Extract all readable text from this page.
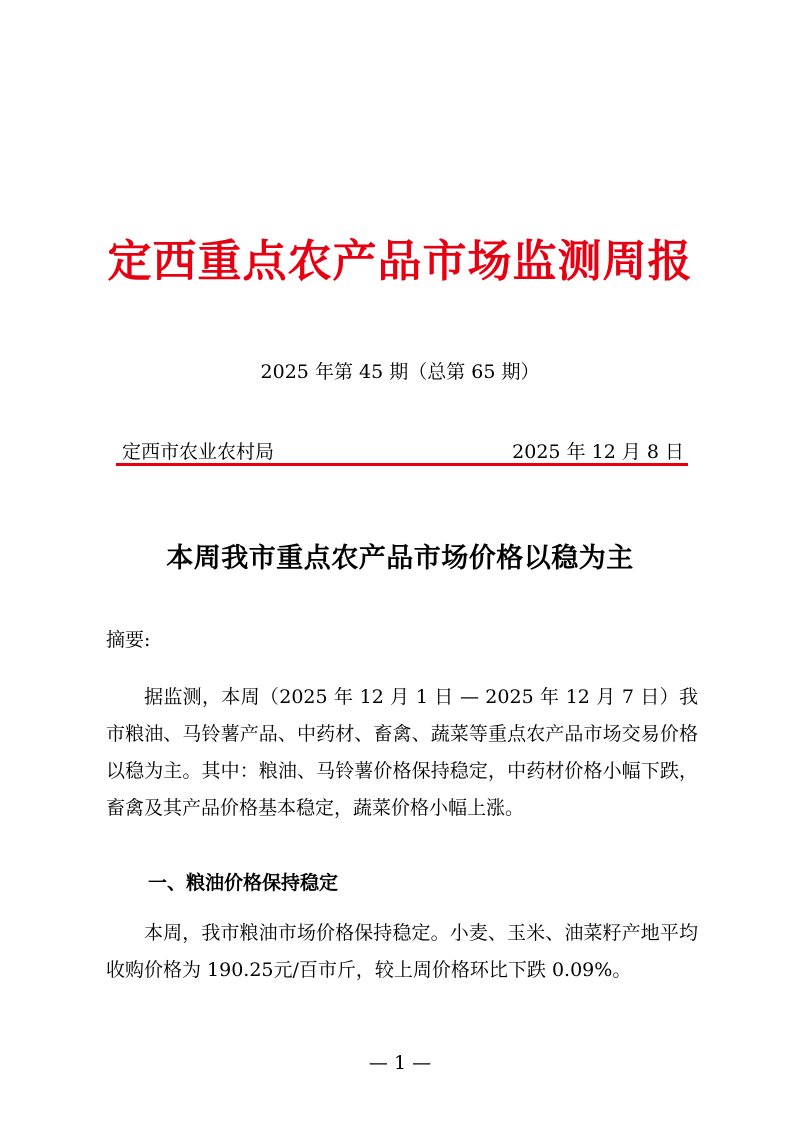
定西重点农产品市场监测周报
2025 年第 45 期（总第 65 期）
定西市农业农村局	2025 年 12 月 8 日
本周我市重点农产品市场价格以稳为主
摘要:

据监测，本周（2025 年 12 月 1 日 — 2025 年 12 月 7 日）我市粮油、马铃薯产品、中药材、畜禽、蔬菜等重点农产品市场交易价格以稳为主。其中：粮油、马铃薯价格保持稳定，中药材价格小幅下跌，畜禽及其产品价格基本稳定，蔬菜价格小幅上涨。

一、粮油价格保持稳定

本周，我市粮油市场价格保持稳定。小麦、玉米、油菜籽产地平均收购价格为 190.25元/百市斤，较上周价格环比下跌 0.09%。

— 1 —
